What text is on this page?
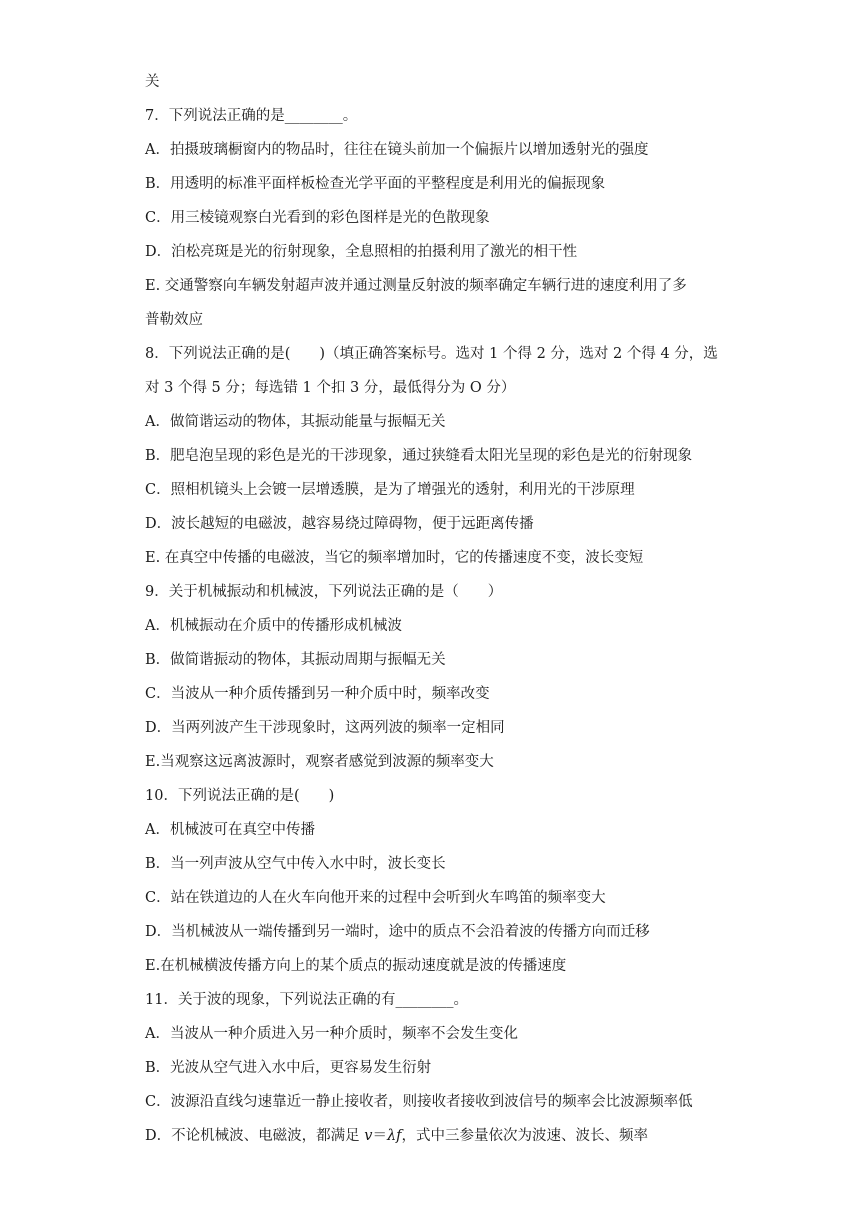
关
7．下列说法正确的是________。
A．拍摄玻璃橱窗内的物品时，往往在镜头前加一个偏振片以增加透射光的强度
B．用透明的标准平面样板检查光学平面的平整程度是利用光的偏振现象
C．用三棱镜观察白光看到的彩色图样是光的色散现象
D．泊松亮斑是光的衍射现象，全息照相的拍摄利用了激光的相干性
E. 交通警察向车辆发射超声波并通过测量反射波的频率确定车辆行进的速度利用了多
普勒效应
8．下列说法正确的是(　　)（填正确答案标号。选对 1 个得 2 分，选对 2 个得 4 分，选
对 3 个得 5 分；每选错 1 个扣 3 分，最低得分为 O 分）
A．做简谐运动的物体，其振动能量与振幅无关
B．肥皂泡呈现的彩色是光的干涉现象，通过狭缝看太阳光呈现的彩色是光的衍射现象
C．照相机镜头上会镀一层增透膜，是为了增强光的透射，利用光的干涉原理
D．波长越短的电磁波，越容易绕过障碍物，便于远距离传播
E. 在真空中传播的电磁波，当它的频率增加时，它的传播速度不变，波长变短
9．关于机械振动和机械波，下列说法正确的是（　　）
A．机械振动在介质中的传播形成机械波
B．做简谐振动的物体，其振动周期与振幅无关
C．当波从一种介质传播到另一种介质中时，频率改变
D．当两列波产生干涉现象时，这两列波的频率一定相同
E.当观察这远离波源时，观察者感觉到波源的频率变大
10．下列说法正确的是(　　)
A．机械波可在真空中传播
B．当一列声波从空气中传入水中时，波长变长
C．站在铁道边的人在火车向他开来的过程中会听到火车鸣笛的频率变大
D．当机械波从一端传播到另一端时，途中的质点不会沿着波的传播方向而迁移
E.在机械横波传播方向上的某个质点的振动速度就是波的传播速度
11．关于波的现象，下列说法正确的有________。
A．当波从一种介质进入另一种介质时，频率不会发生变化
B．光波从空气进入水中后，更容易发生衍射
C．波源沿直线匀速靠近一静止接收者，则接收者接收到波信号的频率会比波源频率低
D．不论机械波、电磁波，都满足 v＝λf，式中三参量依次为波速、波长、频率
